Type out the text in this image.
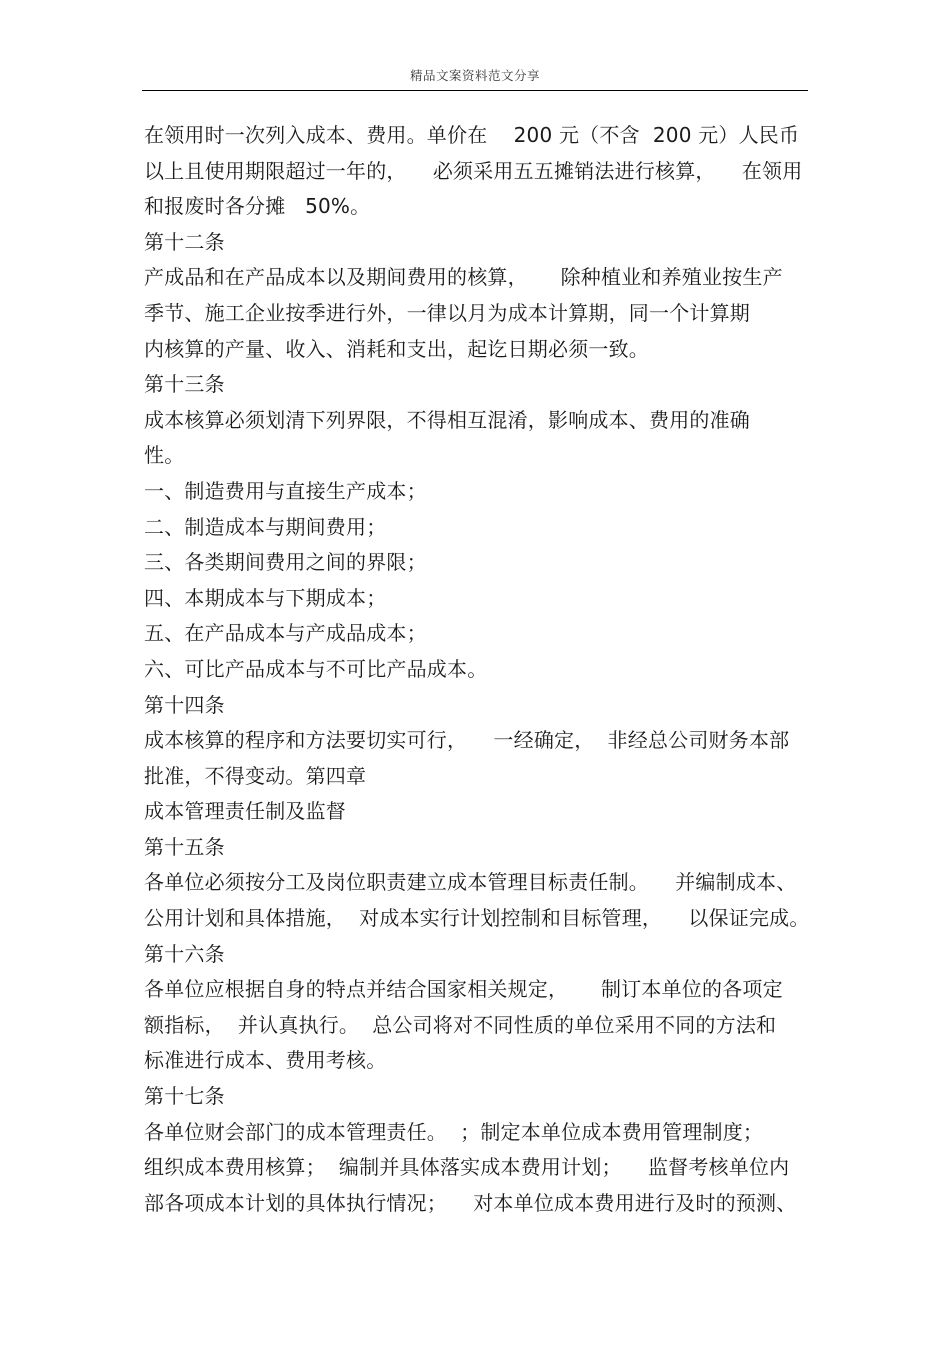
精品文案资料范文分享
在领用时一次列入成本、费用。单价在    200 元（不含  200 元）人民币
以上且使用期限超过一年的，    必须采用五五摊销法进行核算，    在领用
和报废时各分摊   50%。
第十二条
产成品和在产品成本以及期间费用的核算，     除种植业和养殖业按生产
季节、施工企业按季进行外，一律以月为成本计算期，同一个计算期
内核算的产量、收入、消耗和支出，起讫日期必须一致。
第十三条
成本核算必须划清下列界限，不得相互混淆，影响成本、费用的准确
性。
一、制造费用与直接生产成本；
二、制造成本与期间费用；
三、各类期间费用之间的界限；
四、本期成本与下期成本；
五、在产品成本与产成品成本；
六、可比产品成本与不可比产品成本。
第十四条
成本核算的程序和方法要切实可行，    一经确定，  非经总公司财务本部
批准，不得变动。第四章
成本管理责任制及监督
第十五条
各单位必须按分工及岗位职责建立成本管理目标责任制。    并编制成本、
公用计划和具体措施，  对成本实行计划控制和目标管理，    以保证完成。
第十六条
各单位应根据自身的特点并结合国家相关规定，     制订本单位的各项定
额指标，  并认真执行。  总公司将对不同性质的单位采用不同的方法和
标准进行成本、费用考核。
第十七条
各单位财会部门的成本管理责任。  ；制定本单位成本费用管理制度；
组织成本费用核算；  编制并具体落实成本费用计划；    监督考核单位内
部各项成本计划的具体执行情况；    对本单位成本费用进行及时的预测、
